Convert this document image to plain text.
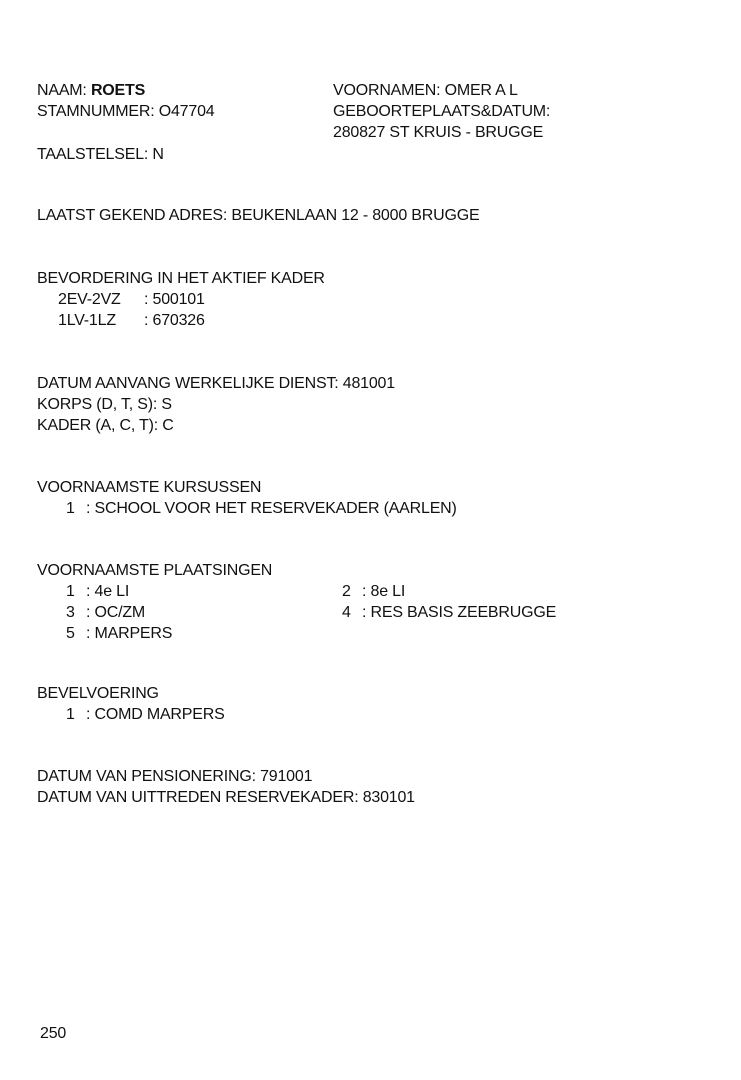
NAAM: ROETS
STAMNUMMER: O47704
TAALSTELSEL: N
VOORNAMEN: OMER A L
GEBOORTEPLAATS&DATUM:
280827 ST KRUIS - BRUGGE
LAATST GEKEND ADRES: BEUKENLAAN 12 - 8000 BRUGGE
BEVORDERING IN HET AKTIEF KADER
2EV-2VZ : 500101
1LV-1LZ : 670326
DATUM AANVANG WERKELIJKE DIENST: 481001
KORPS (D, T, S): S
KADER (A, C, T): C
VOORNAAMSTE KURSUSSEN
1 : SCHOOL VOOR HET RESERVEKADER (AARLEN)
VOORNAAMSTE PLAATSINGEN
1 : 4e LI	2 : 8e LI
3 : OC/ZM	4 : RES BASIS ZEEBRUGGE
5 : MARPERS
BEVELVOERING
1 : COMD MARPERS
DATUM VAN PENSIONERING: 791001
DATUM VAN UITTREDEN RESERVEKADER: 830101
250
